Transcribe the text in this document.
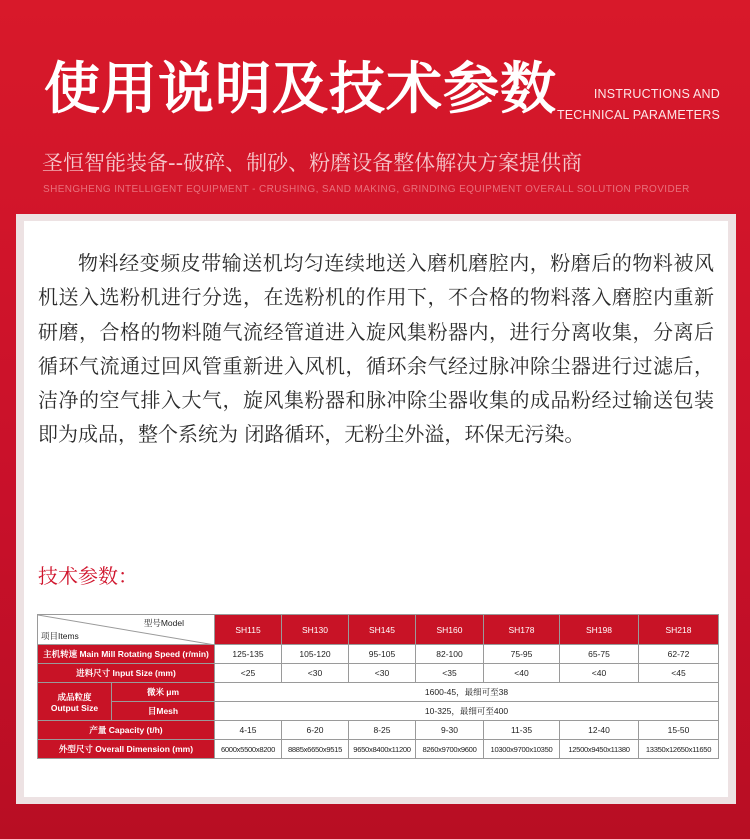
使用说明及技术参数	INSTRUCTIONS AND
TECHNICAL PARAMETERS
圣恒智能装备--破碎、制砂、粉磨设备整体解决方案提供商
SHENGHENG INTELLIGENT EQUIPMENT - CRUSHING, SAND MAKING, GRINDING EQUIPMENT OVERALL SOLUTION PROVIDER

物料经变频皮带输送机均匀连续地送入磨机磨腔内，粉磨后的物料被风机送入选粉机进行分选，在选粉机的作用下，不合格的物料落入磨腔内重新研磨，合格的物料随气流经管道进入旋风集粉器内，进行分离收集，分离后循环气流通过回风管重新进入风机，循环余气经过脉冲除尘器进行过滤后，洁净的空气排入大气，旋风集粉器和脉冲除尘器收集的成品粉经过输送包装即为成品，整个系统为 闭路循环，无粉尘外溢，环保无污染。

技术参数：
型号Model
项目Items		SH115	SH130	SH145	SH160	SH178	SH198	SH218
主机转速 Main Mill Rotating Speed (r/min)		125-135	105-120	95-105	82-100	75-95	65-75	62-72
进料尺寸 Input Size (mm)		<25	<30	<30	<35	<40	<40	<45

成品粒度
Output Size	微米 μm	1600-45，最细可至38						
	目Mesh	10-325，最细可至400						
产量 Capacity (t/h)		4-15	6-20	8-25	9-30	11-35	12-40	15-50
外型尺寸 Overall Dimension (mm)		6000x5500x8200	8885x6650x9515	9650x8400x11200	8260x9700x9600	10300x9700x10350	12500x9450x11380	13350x12650x11650
